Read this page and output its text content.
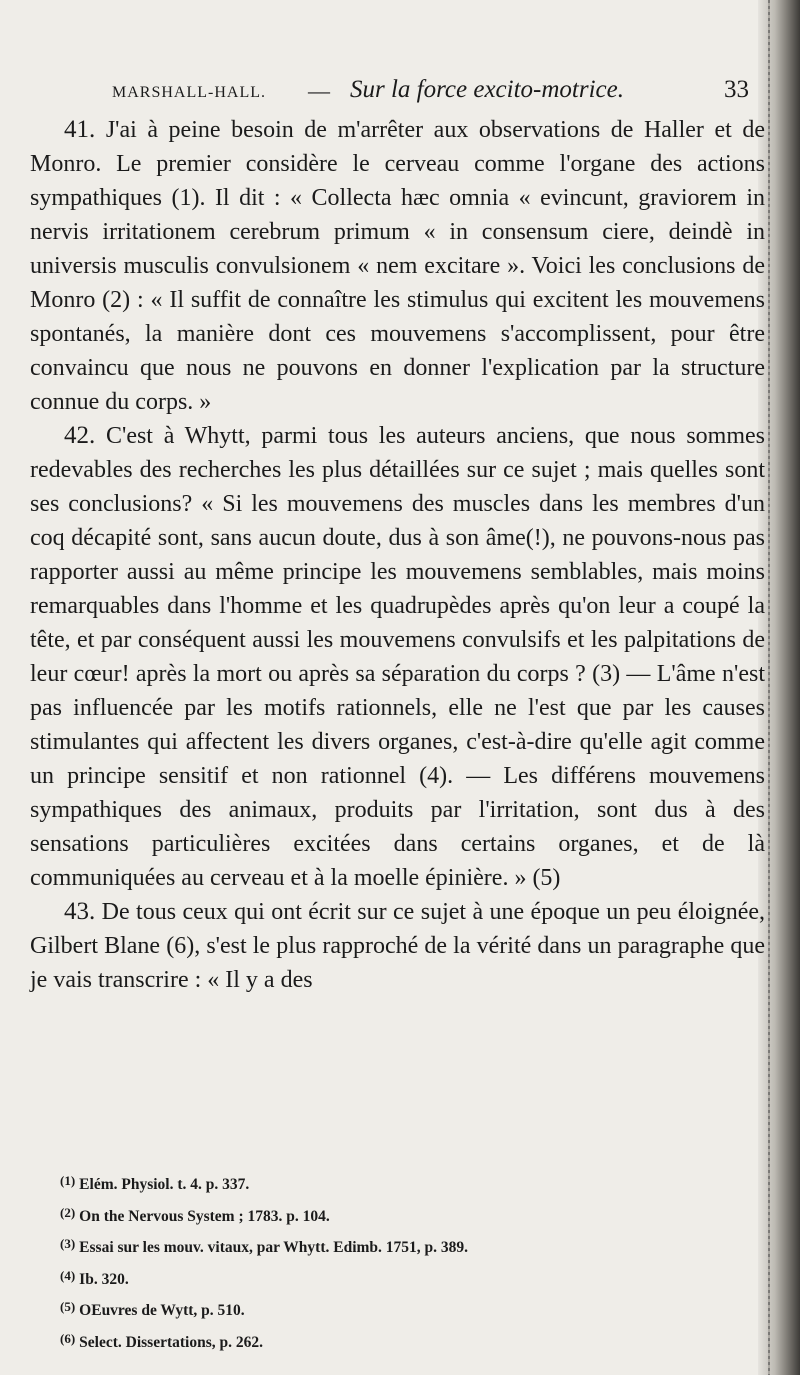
MARSHALL-HALL. — Sur la force excito-motrice.	33

41. J'ai à peine besoin de m'arrêter aux observations de Haller et de Monro. Le premier considère le cerveau comme l'organe des actions sympathiques (1). Il dit : « Collecta hæc omnia « evincunt, graviorem in nervis irritationem cerebrum primum « in consensum ciere, deindè in universis musculis convulsionem « nem excitare ». Voici les conclusions de Monro (2) : « Il suffit de connaître les stimulus qui excitent les mouvemens spontanés, la manière dont ces mouvemens s'accomplissent, pour être convaincu que nous ne pouvons en donner l'explication par la structure connue du corps. »

42. C'est à Whytt, parmi tous les auteurs anciens, que nous sommes redevables des recherches les plus détaillées sur ce sujet ; mais quelles sont ses conclusions? « Si les mouvemens des muscles dans les membres d'un coq décapité sont, sans aucun doute, dus à son âme(!), ne pouvons-nous pas rapporter aussi au même principe les mouvemens semblables, mais moins remarquables dans l'homme et les quadrupèdes après qu'on leur a coupé la tête, et par conséquent aussi les mouvemens convulsifs et les palpitations de leur cœur! après la mort ou après sa séparation du corps ? (3) — L'âme n'est pas influencée par les motifs rationnels, elle ne l'est que par les causes stimulantes qui affectent les divers organes, c'est-à-dire qu'elle agit comme un principe sensitif et non rationnel (4). — Les différens mouvemens sympathiques des animaux, produits par l'irritation, sont dus à des sensations particulières excitées dans certains organes, et de là communiquées au cerveau et à la moelle épinière. » (5)

43. De tous ceux qui ont écrit sur ce sujet à une époque un peu éloignée, Gilbert Blane (6), s'est le plus rapproché de la vérité dans un paragraphe que je vais transcrire : « Il y a des

$^{(1)}$ Elém. Physiol. t. 4. p. 337.

$^{(2)}$ On the Nervous System ; 1783. p. 104.

$^{(3)}$ Essai sur les mouv. vitaux, par Whytt. Edimb. 1751, p. 389.

$^{(4)}$ Ib. 320.

$^{(5)}$ OEuvres de Wytt, p. 510.

$^{(6)}$ Select. Dissertations, p. 262.
